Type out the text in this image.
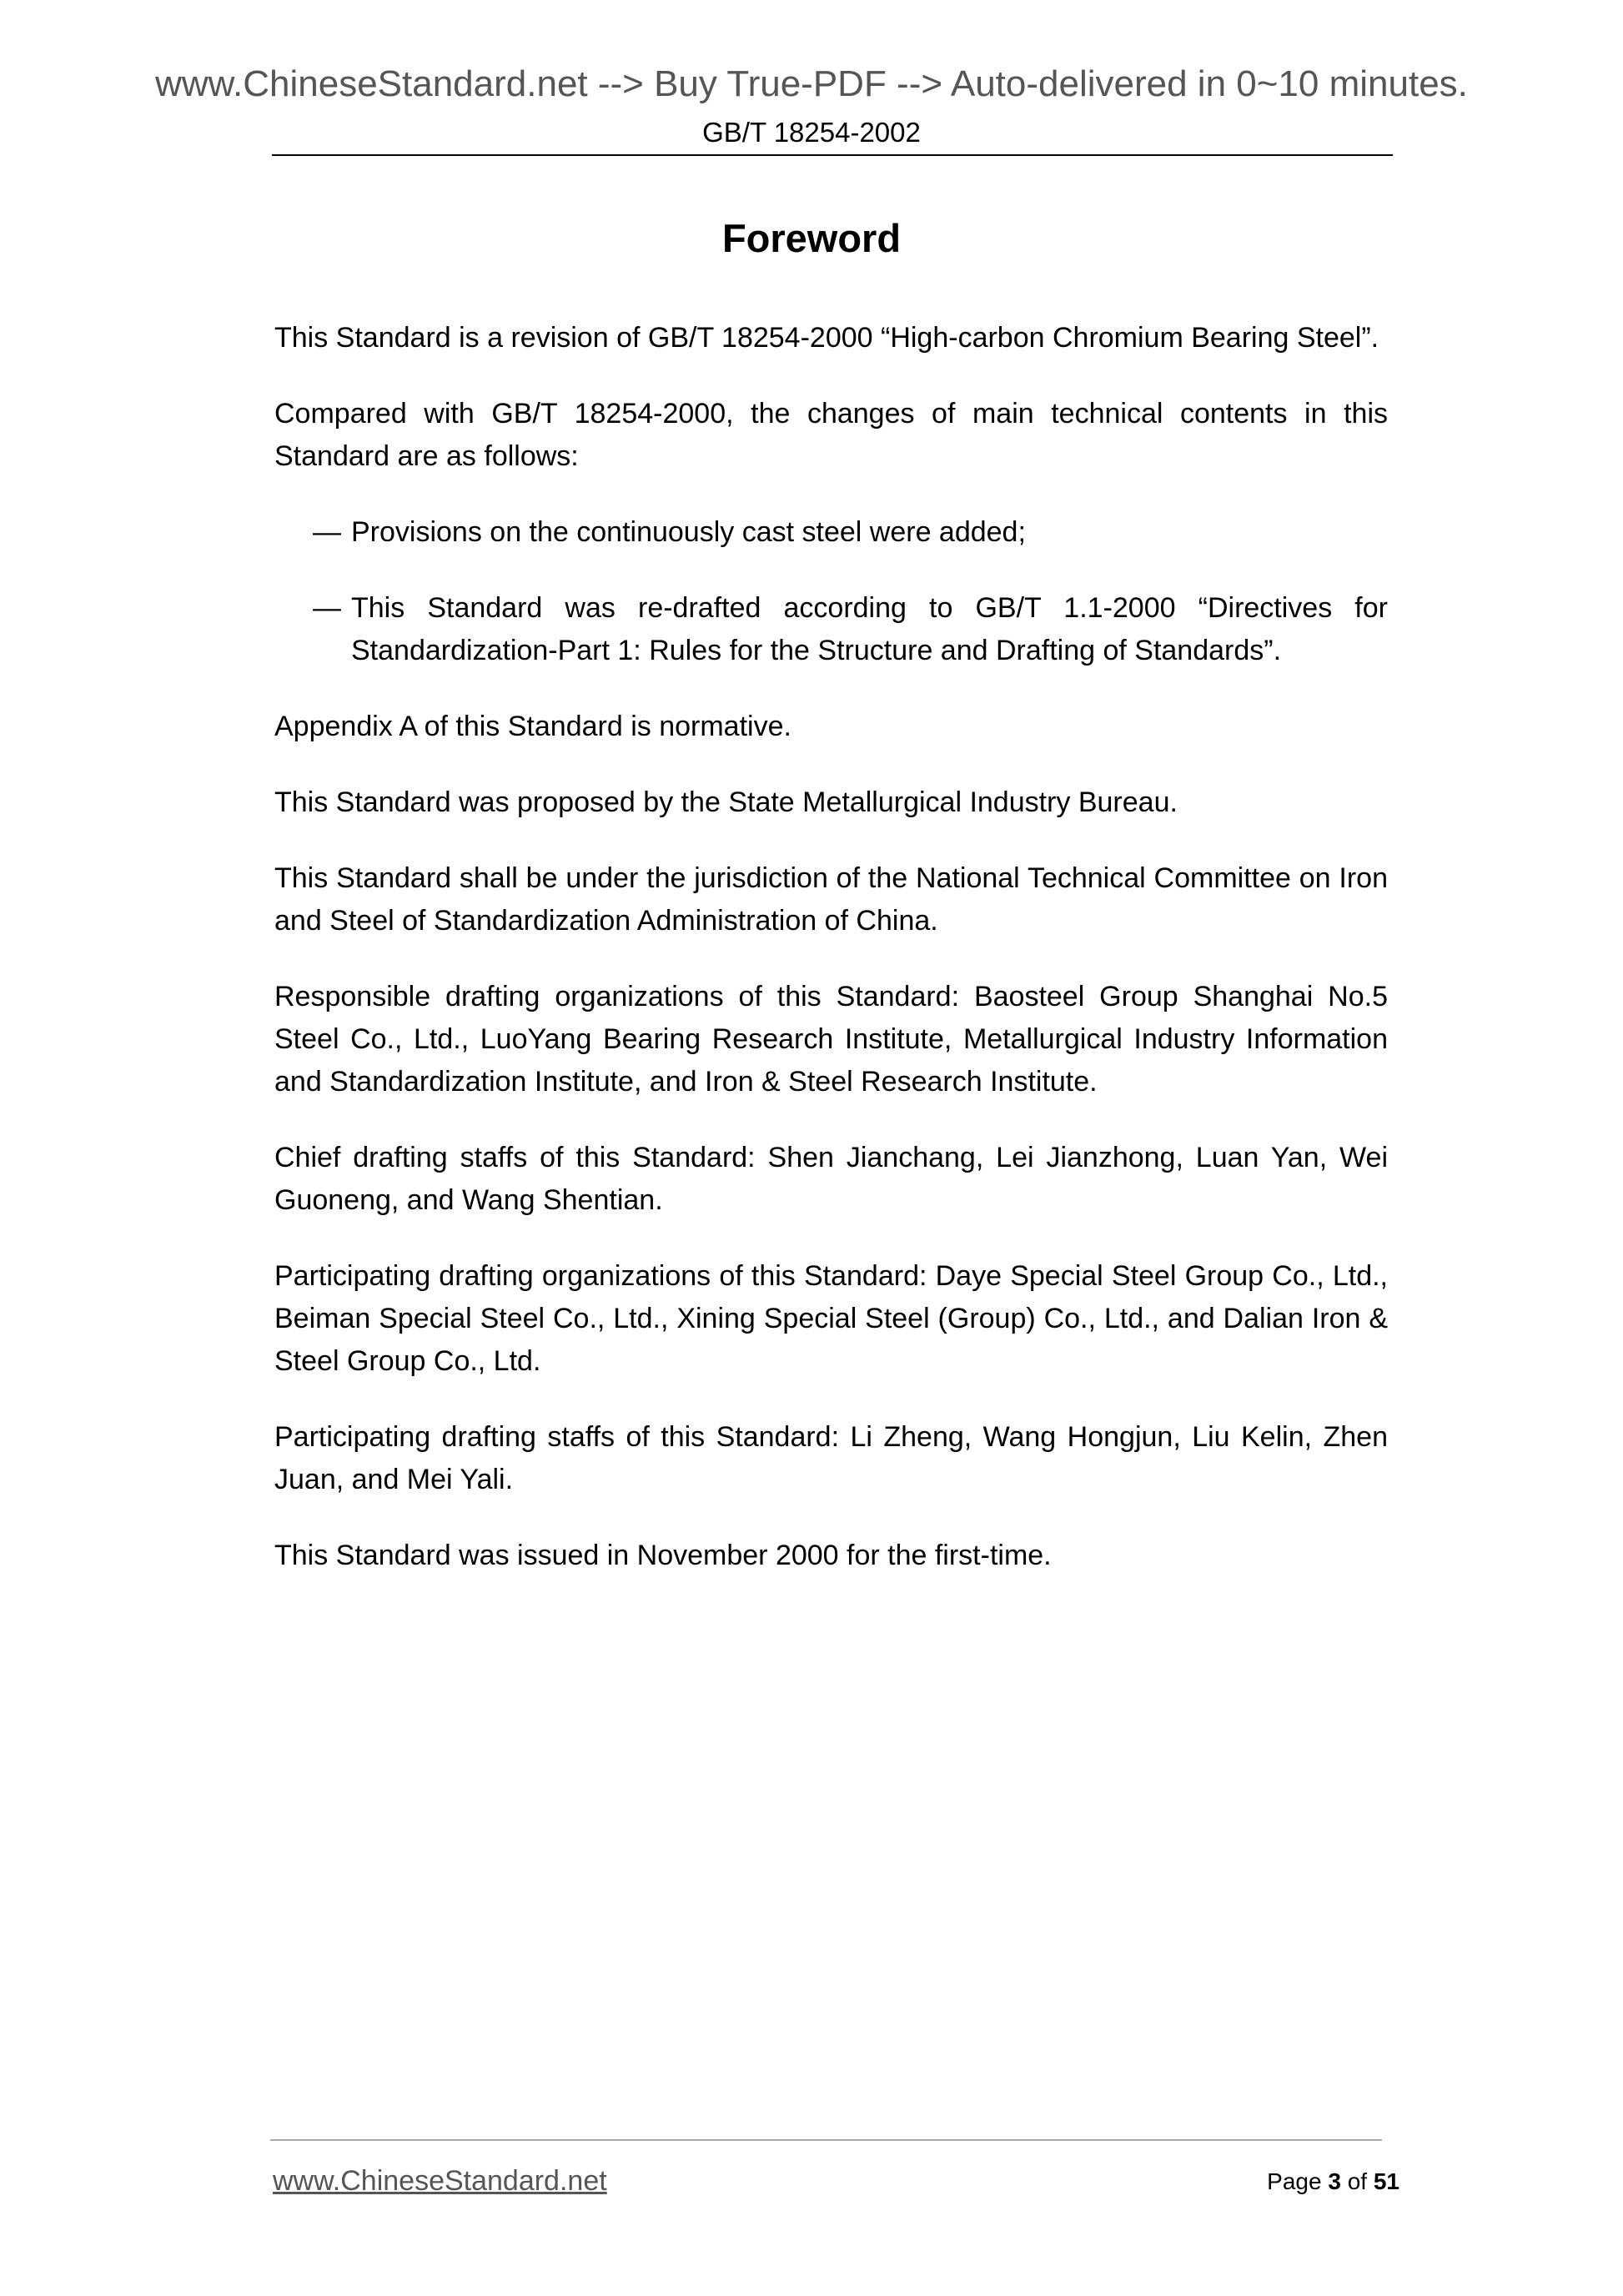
www.ChineseStandard.net --> Buy True-PDF --> Auto-delivered in 0~10 minutes.
GB/T 18254-2002
Foreword

This Standard is a revision of GB/T 18254-2000 “High-carbon Chromium Bearing Steel”.

Compared with GB/T 18254-2000, the changes of main technical contents in this Standard are as follows:

— Provisions on the continuously cast steel were added;
— This Standard was re-drafted according to GB/T 1.1-2000 “Directives for Standardization-Part 1: Rules for the Structure and Drafting of Standards”.

Appendix A of this Standard is normative.

This Standard was proposed by the State Metallurgical Industry Bureau.

This Standard shall be under the jurisdiction of the National Technical Committee on Iron and Steel of Standardization Administration of China.

Responsible drafting organizations of this Standard: Baosteel Group Shanghai No.5 Steel Co., Ltd., LuoYang Bearing Research Institute, Metallurgical Industry Information and Standardization Institute, and Iron & Steel Research Institute.

Chief drafting staffs of this Standard: Shen Jianchang, Lei Jianzhong, Luan Yan, Wei Guoneng, and Wang Shentian.

Participating drafting organizations of this Standard: Daye Special Steel Group Co., Ltd., Beiman Special Steel Co., Ltd., Xining Special Steel (Group) Co., Ltd., and Dalian Iron & Steel Group Co., Ltd.

Participating drafting staffs of this Standard: Li Zheng, Wang Hongjun, Liu Kelin, Zhen Juan, and Mei Yali.

This Standard was issued in November 2000 for the first-time.

www.ChineseStandard.net	Page 3 of 51
